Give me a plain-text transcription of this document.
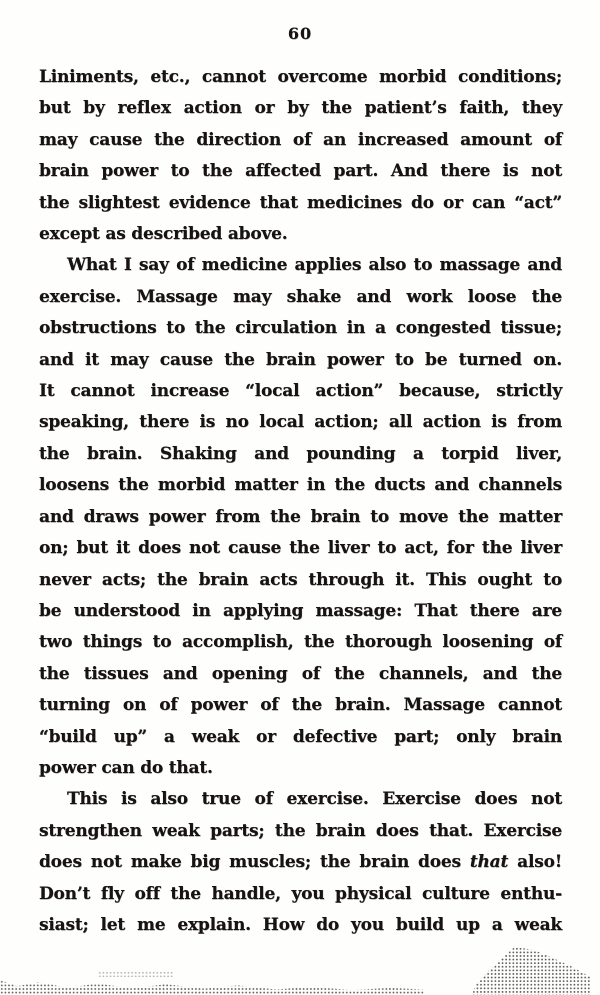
60
Liniments, etc., cannot overcome morbid conditions;
but by reflex action or by the patient’s faith, they
may cause the direction of an increased amount of
brain power to the affected part. And there is not
the slightest evidence that medicines do or can “act”
except as described above.
What I say of medicine applies also to massage and
exercise. Massage may shake and work loose the
obstructions to the circulation in a congested tissue;
and it may cause the brain power to be turned on.
It cannot increase “local action” because, strictly
speaking, there is no local action; all action is from
the brain. Shaking and pounding a torpid liver,
loosens the morbid matter in the ducts and channels
and draws power from the brain to move the matter
on; but it does not cause the liver to act, for the liver
never acts; the brain acts through it. This ought to
be understood in applying massage: That there are
two things to accomplish, the thorough loosening of
the tissues and opening of the channels, and the
turning on of power of the brain. Massage cannot
“build up” a weak or defective part; only brain
power can do that.
This is also true of exercise. Exercise does not
strengthen weak parts; the brain does that. Exercise
does not make big muscles; the brain does that also!
Don’t fly off the handle, you physical culture enthu-
siast; let me explain. How do you build up a weak
